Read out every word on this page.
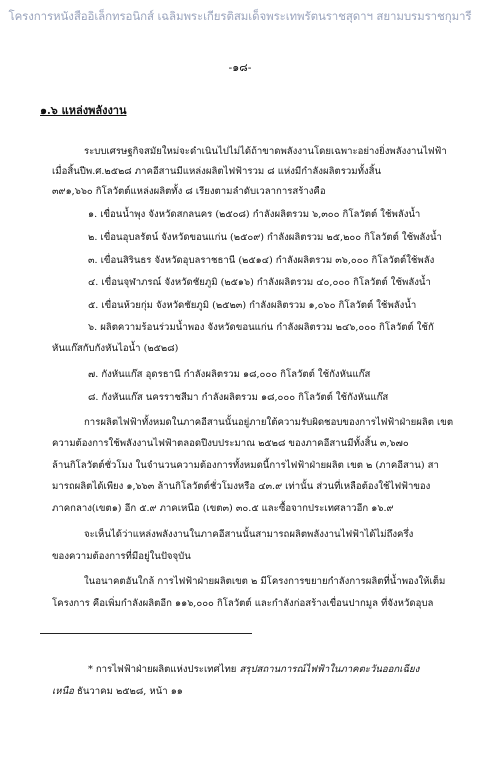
โครงการหนังสืออิเล็กทรอนิกส์ เฉลิมพระเกียรติสมเด็จพระเทพรัตนราชสุดาฯ สยามบรมราชกุมารี
-๑๘-
๑.๖ แหล่งพลังงาน
ระบบเศรษฐกิจสมัยใหม่จะดำเนินไปไม่ได้ถ้าขาดพลังงานโดยเฉพาะอย่างยิ่งพลังงานไฟฟ้า
เมื่อสิ้นปีพ.ศ.๒๕๒๘ ภาคอีสานมีแหล่งผลิตไฟฟ้ารวม ๘ แห่งมีกำลังผลิตรวมทั้งสิ้น
๓๙๑,๖๖๐ กิโลวัตต์แหล่งผลิตทั้ง ๘ เรียงตามลำดับเวลาการสร้างคือ
๑. เขื่อนน้ำพุง จังหวัดสกลนคร (๒๕๐๘) กำลังผลิตรวม ๖,๓๐๐ กิโลวัตต์ ใช้พลังน้ำ
๒. เขื่อนอุบลรัตน์ จังหวัดขอนแก่น (๒๕๐๙) กำลังผลิตรวม ๒๕,๒๐๐ กิโลวัตต์ ใช้พลังน้ำ
๓. เขื่อนสิรินธร จังหวัดอุบลราชธานี (๒๕๑๔) กำลังผลิตรวม ๓๖,๐๐๐ กิโลวัตต์ใช้พลัง
๔. เขื่อนจุฬาภรณ์ จังหวัดชัยภูมิ (๒๕๑๖) กำลังผลิตรวม ๔๐,๐๐๐ กิโลวัตต์ ใช้พลังน้ำ
๕. เขื่อนห้วยกุ่ม จังหวัดชัยภูมิ (๒๕๒๓) กำลังผลิตรวม ๑,๐๖๐ กิโลวัตต์ ใช้พลังน้ำ
๖. ผลิตความร้อนร่วมน้ำพอง จังหวัดขอนแก่น กำลังผลิตรวม ๒๔๖,๐๐๐ กิโลวัตต์ ใช้กั
หันแก๊สกับกังหันไอน้ำ (๒๕๒๘)
๗. กังหันแก๊ส อุดรธานี กำลังผลิตรวม ๑๘,๐๐๐ กิโลวัตต์ ใช้กังหันแก๊ส
๘. กังหันแก๊ส นครราชสีมา กำลังผลิตรวม ๑๘,๐๐๐ กิโลวัตต์ ใช้กังหันแก๊ส
การผลิตไฟฟ้าทั้งหมดในภาคอีสานนั้นอยู่ภายใต้ความรับผิดชอบของการไฟฟ้าฝ่ายผลิต เขต
ความต้องการใช้พลังงานไฟฟ้าตลอดปีงบประมาณ ๒๕๒๘ ของภาคอีสานมีทั้งสิ้น ๓,๖๗๐
ล้านกิโลวัตต์ชั่วโมง ในจำนวนความต้องการทั้งหมดนี้การไฟฟ้าฝ่ายผลิต เขต ๒ (ภาคอีสาน) สา
มารถผลิตได้เพียง ๑,๖๖๓ ล้านกิโลวัตต์ชั่วโมงหรือ ๔๓.๙ เท่านั้น ส่วนที่เหลือต้องใช้ไฟฟ้าของ
ภาคกลาง(เขต๑) อีก ๕.๙ ภาคเหนือ (เขต๓) ๓๐.๕ และซื้อจากประเทศลาวอีก ๑๖.๙
จะเห็นได้ว่าแหล่งพลังงานในภาคอีสานนั้นสามารถผลิตพลังงานไฟฟ้าได้ไม่ถึงครึ่ง
ของความต้องการที่มีอยู่ในปัจจุบัน
ในอนาคตอันใกล้ การไฟฟ้าฝ่ายผลิตเขต ๒ มีโครงการขยายกำลังการผลิตที่น้ำพองให้เต็ม
โครงการ คือเพิ่มกำลังผลิตอีก ๑๑๖,๐๐๐ กิโลวัตต์ และกำลังก่อสร้างเขื่อนปากมูล ที่จังหวัดอุบล
* การไฟฟ้าฝ่ายผลิตแห่งประเทศไทย สรุปสถานการณ์ไฟฟ้าในภาคตะวันออกเฉียง
เหนือ ธันวาคม ๒๕๒๘, หน้า ๑๑
